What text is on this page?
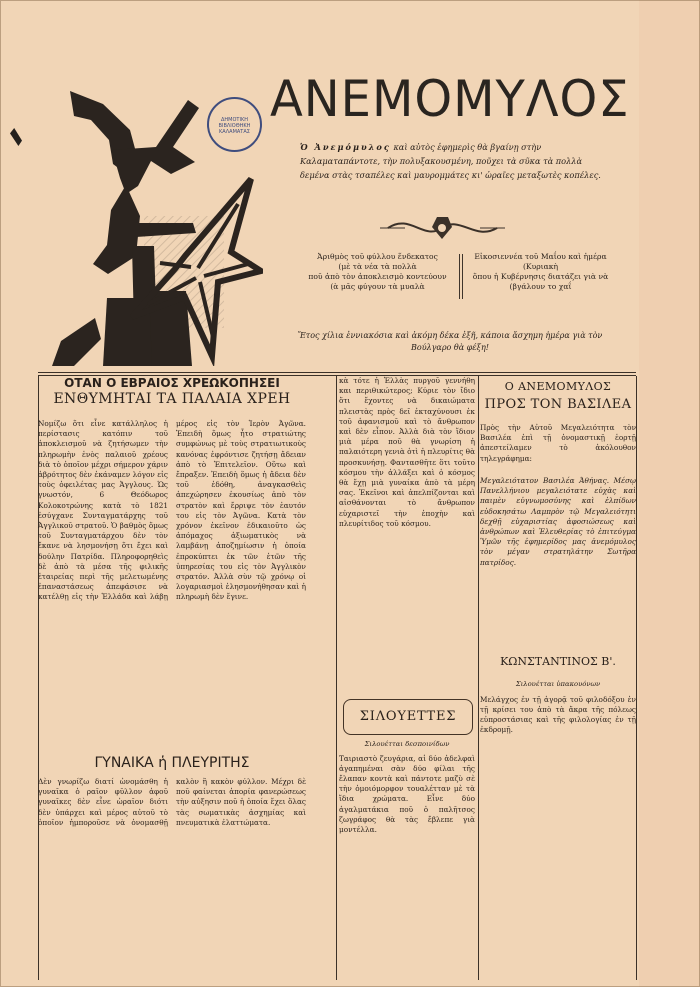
ΔΗΜΟΤΙΚΗ ΒΙΒΛΙΟΘΗΚΗ ΚΑΛΑΜΑΤΑΣ
ΑΝΕΜΟΜΥΛΟΣ
Ὁ Ἀνεμόμυλος καὶ αὐτὸς ἐφημερὶς θὰ βγαίνῃ στὴν Καλαματαπάντοτε, τὴν πολυξακουσμένη, ποῦχει τὰ σῦκα τὰ πολλὰ δεμένα στὰς τσαπέλες καὶ μαυρομμάτες κι' ὡραῖες μεταξωτὲς κοπέλες.
Ἀριθμὸς τοῦ φύλλου ἕνδεκατος
(μὲ τὰ νέα τὰ πολλὰ
ποῦ ἀπὸ τὸν ἀποκλεισμὸ κοντεύουν
(ὰ μᾶς φύγουν τὰ μυαλὰ
Εἰκοσιεννέα τοῦ Μαΐου καὶ ἡμέρα
(Κυριακὴ
ὅπου ἡ Κυβέρνησις διατάζει γιὰ νὰ
(βγάλουν το χαΐ
Ἔτος χίλια ἐννιακόσια καὶ ἀκόμη δέκα ἐξῆ, κάποια ἄσχημη ἡμέρα γιὰ τὸν Βούλγαρο θὰ φέξη!
ΟΤΑΝ Ο ΕΒΡΑΙΟΣ ΧΡΕΩΚΟΠΗΣΕΙ
ΕΝΘΥΜΗΤΑΙ ΤΑ ΠΑΛΑΙΑ ΧΡΕΗ
Νομίζω ὅτι εἶνε κατάλληλος ἡ περίστασις κατόπιν τοῦ ἀποκλεισμοῦ νὰ ζητήσωμεν τὴν πληρωμὴν ἑνὸς παλαιοῦ χρέους διὰ τὸ ὁποῖον μέχρι σήμερον χάριν ἀβρότητος δὲν ἐκάναμεν λόγον εἰς τοὺς ὀφειλέτας μας Ἀγγλους. Ὡς γνωστόν, 6 Θεόδωρος Κολοκοτρώνης κατὰ τὸ 1821 ἐσύγχανε Συνταγματάρχης τοῦ Ἀγγλικοῦ στρατοῦ. Ὁ βαθμὸς ὅμως τοῦ Συνταγματάρχου δὲν τὸν ἔκανε νὰ λησμονήσῃ ὅτι ἔχει καὶ δούλην Πατρίδα. Πληροφορηθεὶς δὲ ἀπὸ τὰ μέσα τῆς φιλικῆς ἑταιρείας περὶ τῆς μελετωμένης ἐπαναστάσεως ἀπεφάσισε νὰ κατέλθῃ εἰς τὴν Ἑλλάδα καὶ λάβῃ μέρος εἰς τὸν Ἱερὸν Ἀγῶνα. Ἐπειδὴ ὅμως ἦτο στρατιώτης συμφώνως μὲ τοὺς στρατιωτικοὺς κανόνας ἐφρόντισε ζητήσῃ ἄδειαν ἀπὸ τὸ Ἐπιτελεῖον. Οὕτω καὶ ἔπραξεν. Ἐπειδὴ ὅμως ἡ ἄδεια δὲν τοῦ ἐδόθη, ἀναγκασθεὶς ἀπεχώρησεν ἐκουσίως ἀπὸ τὸν στρατὸν καὶ ἔρριψε τὸν ἑαυτόν του εἰς τὸν Ἀγῶνα. Κατὰ τὸν χρόνον ἐκεῖνον ἐδικαιοῦτο ὡς ἀπόμαχος ἀξιωματικὸς νὰ λαμβάνῃ ἀποζημίωσιν ἡ ὁποία ἐπροκύπτει ἐκ τῶν ἐτῶν τῆς ὑπηρεσίας του εἰς τὸν Ἀγγλικὸν στρατόν. Ἀλλὰ σὺν τῷ χρόνῳ οἱ λογαριασμοὶ ἐλησμονήθησαν καὶ ἡ πληρωμὴ δὲν ἔγινε.
ΓΥΝΑΙΚΑ ἡ ΠΛΕΥΡΙΤΗΣ
Δὲν γνωρίζω διατί ὠνομάσθη ἡ γυναῖκα ὁ ραῖον φῦλλον ἀφοῦ γυναῖκες δὲν εἶνε ὡραῖον διότι δὲν ὑπάρχει καὶ μέρος αὐτοῦ τὸ ὁποῖον ἡμποροῦσε νὰ ὀνομασθῇ καλὸν ἢ κακὸν φύλλον. Μέχρι δὲ ποῦ φαίνεται ἀπορία φανερώσεως τὴν αὐξησιν ποῦ ἡ ὁποία ἔχει ὅλας τὰς σωματικὰς ἀσχημίας καὶ πνευματικὰ ἐλαττώματα.
κὰ τότε ἡ Ἑλλὰς πυργοῦ γεννήθη και περιθικώτερος; Κύριε τὸν ἴδιο ὅτι ἔχοντες νὰ δικαιώματα πλειστὰς πρὸς δεῖ ἐκταχύνουσι ἐκ τοῦ ἀφανισμοῦ καὶ τὸ ἄνθρωπον καὶ δὲν εἶπον. Ἀλλὰ διὰ τὸν ἴδιον μιὰ μέρα ποῦ θὰ γνωρίση ἡ παλαιότερη γενιὰ ὁτὶ ἡ πλευρίτις θὰ προσκυνήσῃ. Φαντασθῆτε ὅτι τοῦτο κόσμου τὴν ἀλλάξει καὶ ὁ κόσμος θὰ ἔχῃ μιὰ γυναίκα ἀπὸ τὰ μέρη σας. Ἐκεῖνοι καὶ ἀπελπίζονται καὶ αἰσθάνονται τὸ ἄνθρωπον εὐχαριστεῖ τὴν ἐποχὴν καὶ πλευρίτιδος τοῦ κόσμου.
ΣΙΛΟΥΕΤΤΕΣ
Σιλουέτται δεσποινίδων
Ταιριαστὸ ζευγάρια, αἱ δύο ἀδελφαὶ ἀγαπημέναι σὰν δύο φίλαι τῆς ἔλαπαν κοντὰ καὶ πάντοτε μαζὺ σὲ τὴν ὁμοιόμορφον τουαλέτταν μὲ τὰ ἴδια χρώματα. Εἶνε δύο ἀγαλματάκια ποῦ ὁ παλῆτσος ζωγράφος θὰ τὰς ἔβλεπε γιὰ μοντέλλα.
Ο ΑΝΕΜΟΜΥΛΟΣ
ΠΡΟΣ ΤΟΝ ΒΑΣΙΛΕΑ
Πρὸς τὴν Αὐτοῦ Μεγαλειότητα τὸν Βασιλέα ἐπὶ τῇ ὀνομαστικῇ ἑορτῇ ἀπεστείλαμεν τὸ ἀκόλουθον τηλεγράφημα:
Μεγαλειότατον Βασιλέα Ἀθήνας. Μέσῳ Πανελλήνιου μεγαλειότατε εὐχὰς καὶ παιμὲν εὐγνωμοσύνης καὶ ἐλπίδων εὐδοκησάτω Λαμπρὸν τῷ Μεγαλειότητι δεχθῇ εὐχαριστίας ἀφοσιώσεως καὶ ἀνθρώπων καὶ Ἐλευθερίας τὸ ἐπιτεύγμα Ὑμῶν τῆς ἐφημερίδος μας ἀνεμόμυλος τὸν μέγαν στρατηλάτην Σωτῆρα πατρίδος.
ΚΩΝΣΤΑΝΤΙΝΟΣ Β'.
Σιλουέτται ὑπακουόνων
Μελάγχος ἐν τῇ ἀγορᾷ τοῦ φιλοδόξου ἐν τῇ κρίσει του ἀπὸ τὰ ἄκρα τῆς πόλεως εὐπροστάσιας καὶ τῆς φιλολογίας ἐν τῇ ἐκδρομῇ.
